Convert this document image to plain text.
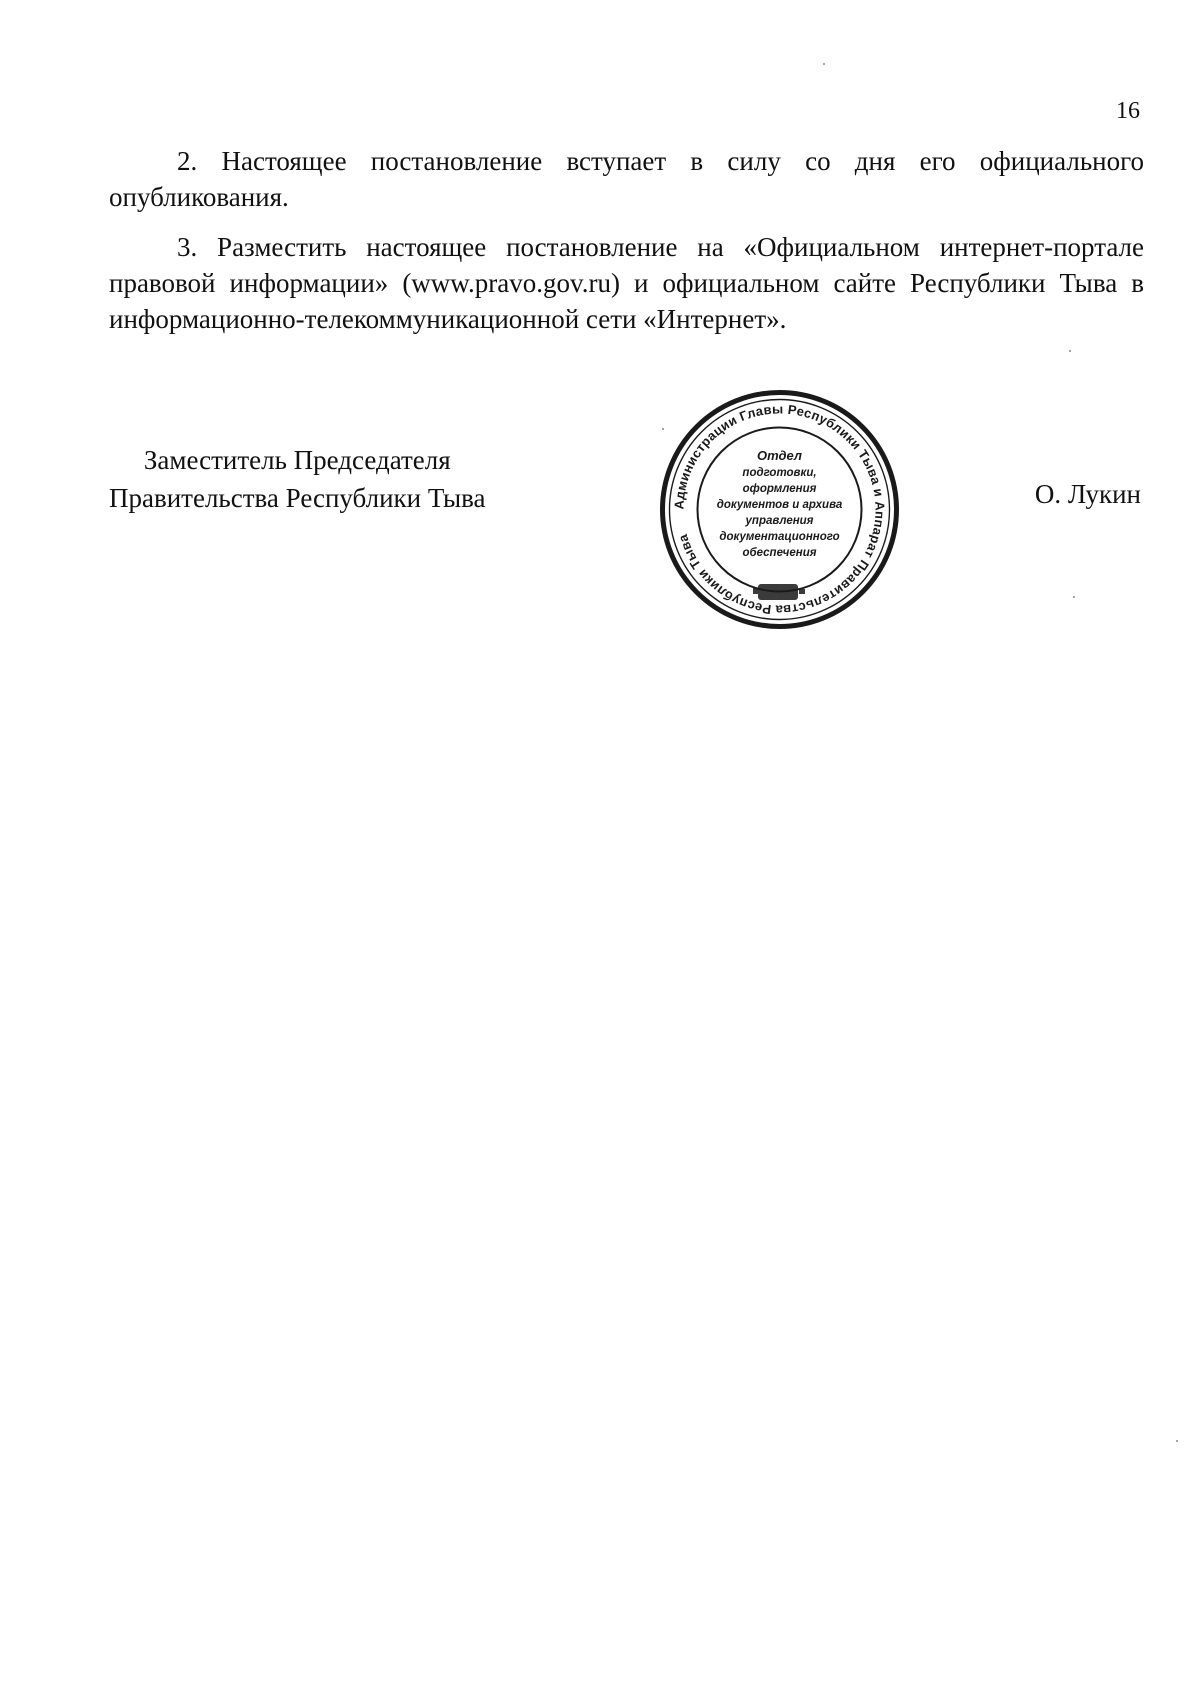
16

2. Настоящее постановление вступает в силу со дня его официального опубликования.

3. Разместить настоящее постановление на «Официальном интернет-портале правовой информации» (www.pravo.gov.ru) и официальном сайте Республики Тыва в информационно-телекоммуникационной сети «Интернет».

Заместитель Председателя
Правительства Республики Тыва	О. Лукин
Администрации Главы Республики Тыва и Аппарат Правительства Республики Тыва
Отдел
подготовки,
оформления
документов и архива
управления
документационного
обеспечения
